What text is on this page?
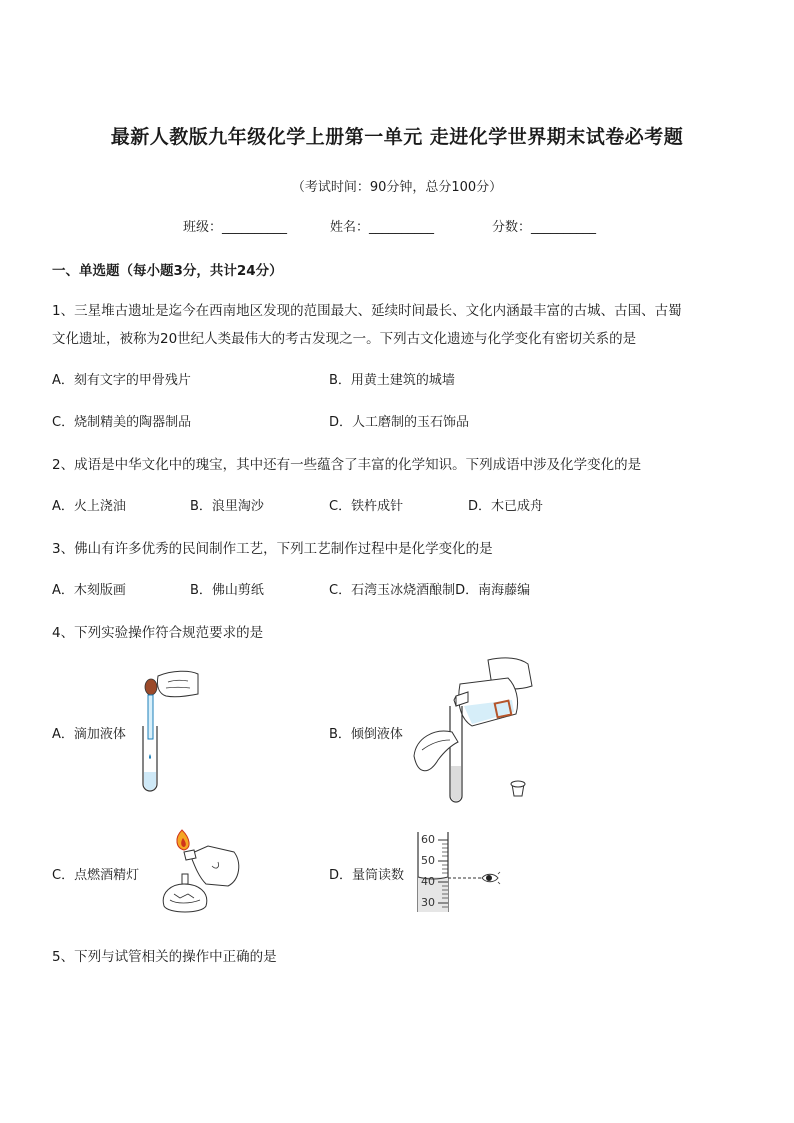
最新人教版九年级化学上册第一单元 走进化学世界期末试卷必考题
（考试时间：90分钟，总分100分）
班级：__________	姓名：__________	分数：__________
一、单选题（每小题3分，共计24分）
1、三星堆古遗址是迄今在西南地区发现的范围最大、延续时间最长、文化内涵最丰富的古城、古国、古蜀
文化遗址，被称为20世纪人类最伟大的考古发现之一。下列古文化遗迹与化学变化有密切关系的是
A．刻有文字的甲骨残片	B．用黄土建筑的城墙
C．烧制精美的陶器制品	D．人工磨制的玉石饰品
2、成语是中华文化中的瑰宝，其中还有一些蕴含了丰富的化学知识。下列成语中涉及化学变化的是
A．火上浇油	B．浪里淘沙	C．铁杵成针	D．木已成舟
3、佛山有许多优秀的民间制作工艺，下列工艺制作过程中是化学变化的是
A．木刻版画	B．佛山剪纸	C．石湾玉冰烧酒酿制D．南海藤编
4、下列实验操作符合规范要求的是
A．滴加液体	B．倾倒液体
C．点燃酒精灯	D．量筒读数
60
50
40
30
5、下列与试管相关的操作中正确的是
